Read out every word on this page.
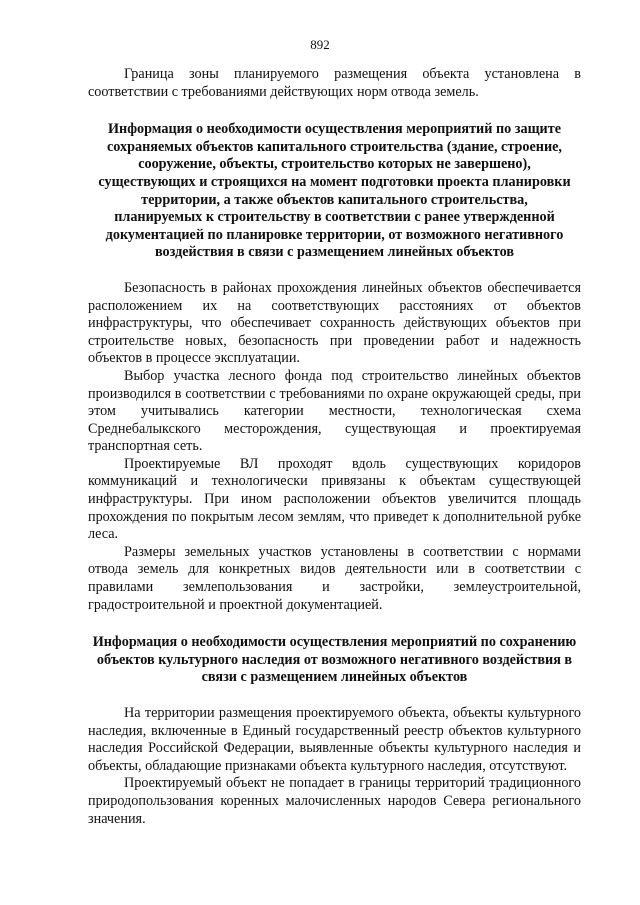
892

Граница зоны планируемого размещения объекта установлена в соответствии с требованиями действующих норм отвода земель.

Информация о необходимости осуществления мероприятий по защите сохраняемых объектов капитального строительства (здание, строение, сооружение, объекты, строительство которых не завершено), существующих и строящихся на момент подготовки проекта планировки территории, а также объектов капитального строительства, планируемых к строительству в соответствии с ранее утвержденной документацией по планировке территории, от возможного негативного воздействия в связи с размещением линейных объектов

Безопасность в районах прохождения линейных объектов обеспечивается расположением их на соответствующих расстояниях от объектов инфраструктуры, что обеспечивает сохранность действующих объектов при строительстве новых, безопасность при проведении работ и надежность объектов в процессе эксплуатации.

Выбор участка лесного фонда под строительство линейных объектов производился в соответствии с требованиями по охране окружающей среды, при этом учитывались категории местности, технологическая схема Среднебалыкского месторождения, существующая и проектируемая транспортная сеть.

Проектируемые ВЛ проходят вдоль существующих коридоров коммуникаций и технологически привязаны к объектам существующей инфраструктуры. При ином расположении объектов увеличится площадь прохождения по покрытым лесом землям, что приведет к дополнительной рубке леса.

Размеры земельных участков установлены в соответствии с нормами отвода земель для конкретных видов деятельности или в соответствии с правилами землепользования и застройки, землеустроительной, градостроительной и проектной документацией.

Информация о необходимости осуществления мероприятий по сохранению объектов культурного наследия от возможного негативного воздействия в связи с размещением линейных объектов

На территории размещения проектируемого объекта, объекты культурного наследия, включенные в Единый государственный реестр объектов культурного наследия Российской Федерации, выявленные объекты культурного наследия и объекты, обладающие признаками объекта культурного наследия, отсутствуют.

Проектируемый объект не попадает в границы территорий традиционного природопользования коренных малочисленных народов Севера регионального значения.
